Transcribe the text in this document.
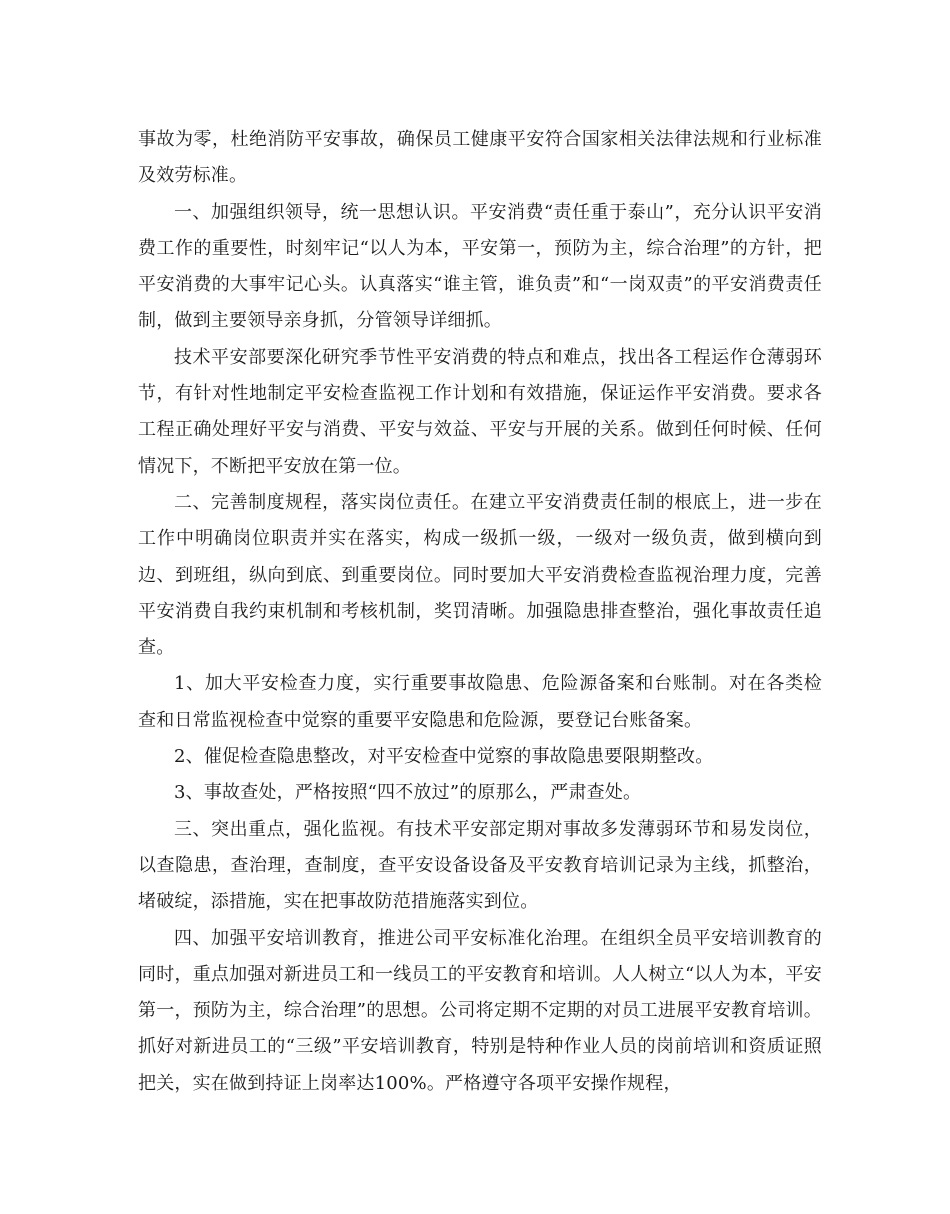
事故为零，杜绝消防平安事故，确保员工健康平安符合国家相关法律法规和行业标准及效劳标准。

一、加强组织领导，统一思想认识。平安消费“责任重于泰山”，充分认识平安消费工作的重要性，时刻牢记“以人为本，平安第一，预防为主，综合治理”的方针，把平安消费的大事牢记心头。认真落实“谁主管，谁负责”和“一岗双责”的平安消费责任制，做到主要领导亲身抓，分管领导详细抓。

技术平安部要深化研究季节性平安消费的特点和难点，找出各工程运作仓薄弱环节，有针对性地制定平安检查监视工作计划和有效措施，保证运作平安消费。要求各工程正确处理好平安与消费、平安与效益、平安与开展的关系。做到任何时候、任何情况下，不断把平安放在第一位。

二、完善制度规程，落实岗位责任。在建立平安消费责任制的根底上，进一步在工作中明确岗位职责并实在落实，构成一级抓一级，一级对一级负责，做到横向到边、到班组，纵向到底、到重要岗位。同时要加大平安消费检查监视治理力度，完善平安消费自我约束机制和考核机制，奖罚清晰。加强隐患排查整治，强化事故责任追查。

1、加大平安检查力度，实行重要事故隐患、危险源备案和台账制。对在各类检查和日常监视检查中觉察的重要平安隐患和危险源，要登记台账备案。

2、催促检查隐患整改，对平安检查中觉察的事故隐患要限期整改。

3、事故查处，严格按照“四不放过”的原那么，严肃查处。

三、突出重点，强化监视。有技术平安部定期对事故多发薄弱环节和易发岗位，以查隐患，查治理，查制度，查平安设备设备及平安教育培训记录为主线，抓整治，堵破绽，添措施，实在把事故防范措施落实到位。

四、加强平安培训教育，推进公司平安标准化治理。在组织全员平安培训教育的同时，重点加强对新进员工和一线员工的平安教育和培训。人人树立“以人为本，平安第一，预防为主，综合治理”的思想。公司将定期不定期的对员工进展平安教育培训。抓好对新进员工的“三级”平安培训教育，特别是特种作业人员的岗前培训和资质证照把关，实在做到持证上岗率达100%。严格遵守各项平安操作规程，
